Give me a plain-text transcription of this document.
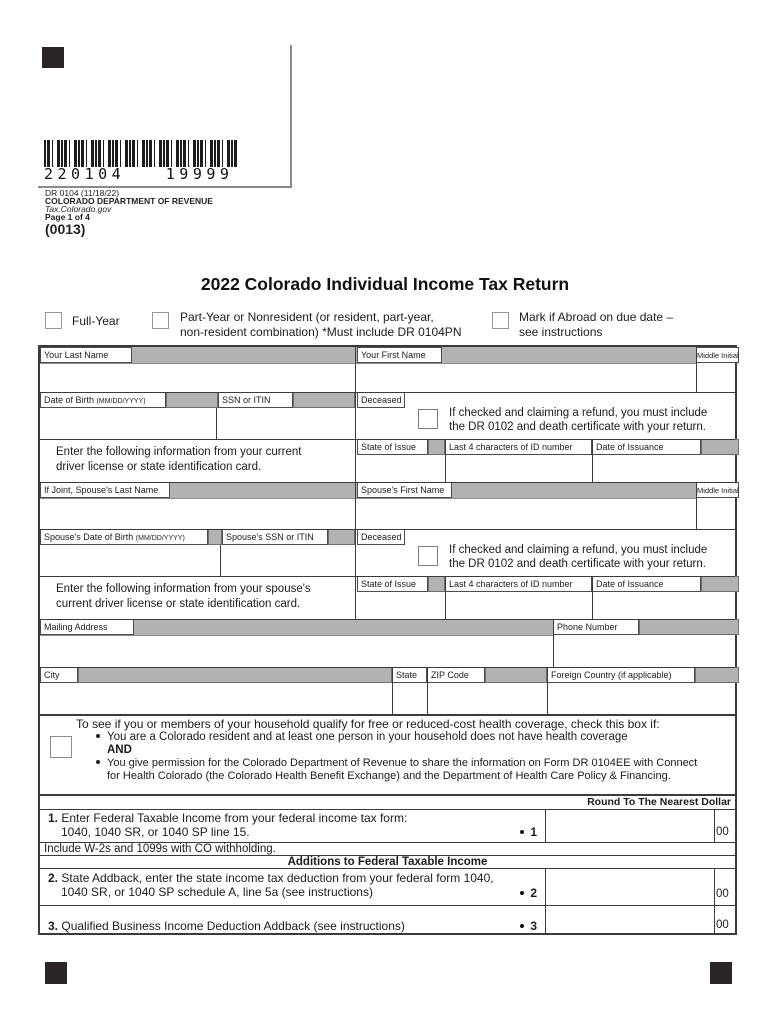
220104   19999
DR 0104 (11/18/22)
COLORADO DEPARTMENT OF REVENUE
Tax.Colorado.gov
Page 1 of 4
(0013)
2022 Colorado Individual Income Tax Return
Full-Year	Part-Year or Nonresident (or resident, part-year,
non-resident combination) *Must include DR 0104PN
Mark if Abroad on due date –
see instructions
Your Last Name	Your First Name	Middle Initial
Date of Birth (MM/DD/YYYY)	SSN or ITIN	Deceased
If checked and claiming a refund, you must include
the DR 0102 and death certificate with your return.
Enter the following information from your current
driver license or state identification card.
State of Issue	Last 4 characters of ID number	Date of Issuance
If Joint, Spouse's Last Name	Spouse's First Name	Middle Initial
Spouse's Date of Birth (MM/DD/YYYY)	Spouse's SSN or ITIN	Deceased
If checked and claiming a refund, you must include
the DR 0102 and death certificate with your return.
Enter the following information from your spouse's
current driver license or state identification card.
State of Issue	Last 4 characters of ID number	Date of Issuance
Mailing Address	Phone Number
City	State	ZIP Code	Foreign Country (if applicable)
To see if you or members of your household qualify for free or reduced-cost health coverage, check this box if:
You are a Colorado resident and at least one person in your household does not have health coverage
AND
You give permission for the Colorado Department of Revenue to share the information on Form DR 0104EE with Connect
for Health Colorado (the Colorado Health Benefit Exchange) and the Department of Health Care Policy & Financing.
Round To The Nearest Dollar
1. Enter Federal Taxable Income from your federal income tax form:
1040, 1040 SR, or 1040 SP line 15.	1	00
Include W-2s and 1099s with CO withholding.
Additions to Federal Taxable Income
2. State Addback, enter the state income tax deduction from your federal form 1040,
1040 SR, or 1040 SP schedule A, line 5a (see instructions)	2	00
3. Qualified Business Income Deduction Addback (see instructions)	3	00
